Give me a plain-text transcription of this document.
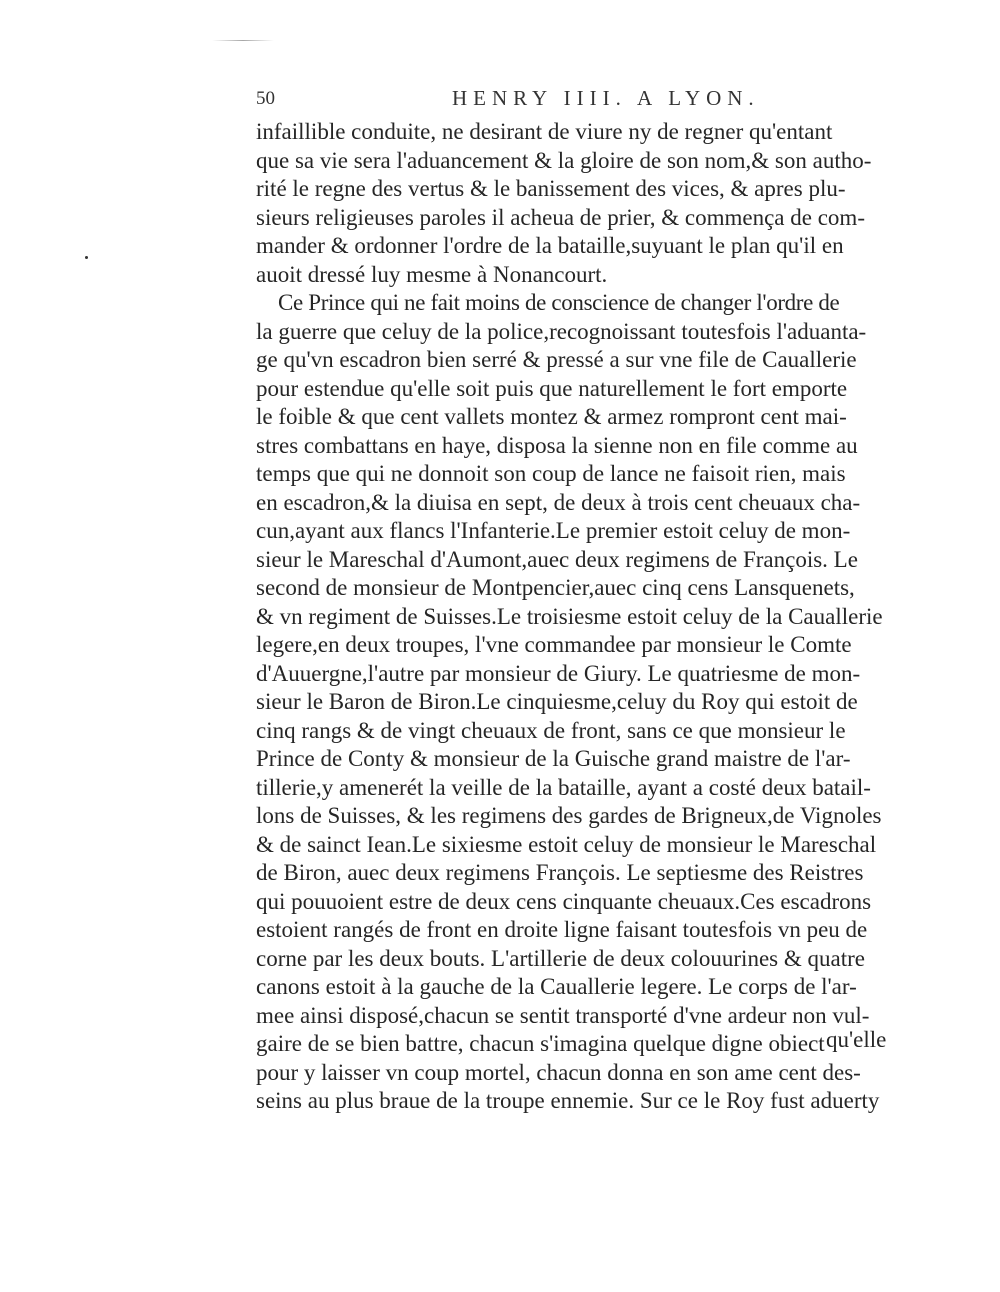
50	HENRY IIII. A LYON.
infaillible conduite, ne desirant de viure ny de regner qu'entant
que sa vie sera l'aduancement & la gloire de son nom,& son autho-
rité le regne des vertus & le banissement des vices, & apres plu-
sieurs religieuses paroles il acheua de prier, & commença de com-
mander & ordonner l'ordre de la bataille,suyuant le plan qu'il en
auoit dressé luy mesme à Nonancourt.
Ce Prince qui ne fait moins de conscience de changer l'ordre de
la guerre que celuy de la police,recognoissant toutesfois l'aduanta-
ge qu'vn escadron bien serré & pressé a sur vne file de Cauallerie
pour estendue qu'elle soit puis que naturellement le fort emporte
le foible & que cent vallets montez & armez rompront cent mai-
stres combattans en haye, disposa la sienne non en file comme au
temps que qui ne donnoit son coup de lance ne faisoit rien, mais
en escadron,& la diuisa en sept, de deux à trois cent cheuaux cha-
cun,ayant aux flancs l'Infanterie.Le premier estoit celuy de mon-
sieur le Mareschal d'Aumont,auec deux regimens de François. Le
second de monsieur de Montpencier,auec cinq cens Lansquenets,
& vn regiment de Suisses.Le troisiesme estoit celuy de la Cauallerie
legere,en deux troupes, l'vne commandee par monsieur le Comte
d'Auuergne,l'autre par monsieur de Giury. Le quatriesme de mon-
sieur le Baron de Biron.Le cinquiesme,celuy du Roy qui estoit de
cinq rangs & de vingt cheuaux de front, sans ce que monsieur le
Prince de Conty & monsieur de la Guische grand maistre de l'ar-
tillerie,y amenerét la veille de la bataille, ayant a costé deux batail-
lons de Suisses, & les regimens des gardes de Brigneux,de Vignoles
& de sainct Iean.Le sixiesme estoit celuy de monsieur le Mareschal
de Biron, auec deux regimens François. Le septiesme des Reistres
qui pouuoient estre de deux cens cinquante cheuaux.Ces escadrons
estoient rangés de front en droite ligne faisant toutesfois vn peu de
corne par les deux bouts. L'artillerie de deux colouurines & quatre
canons estoit à la gauche de la Cauallerie legere. Le corps de l'ar-
mee ainsi disposé,chacun se sentit transporté d'vne ardeur non vul-
gaire de se bien battre, chacun s'imagina quelque digne obiect
pour y laisser vn coup mortel, chacun donna en son ame cent des-
seins au plus braue de la troupe ennemie. Sur ce le Roy fust aduerty
qu'elle
